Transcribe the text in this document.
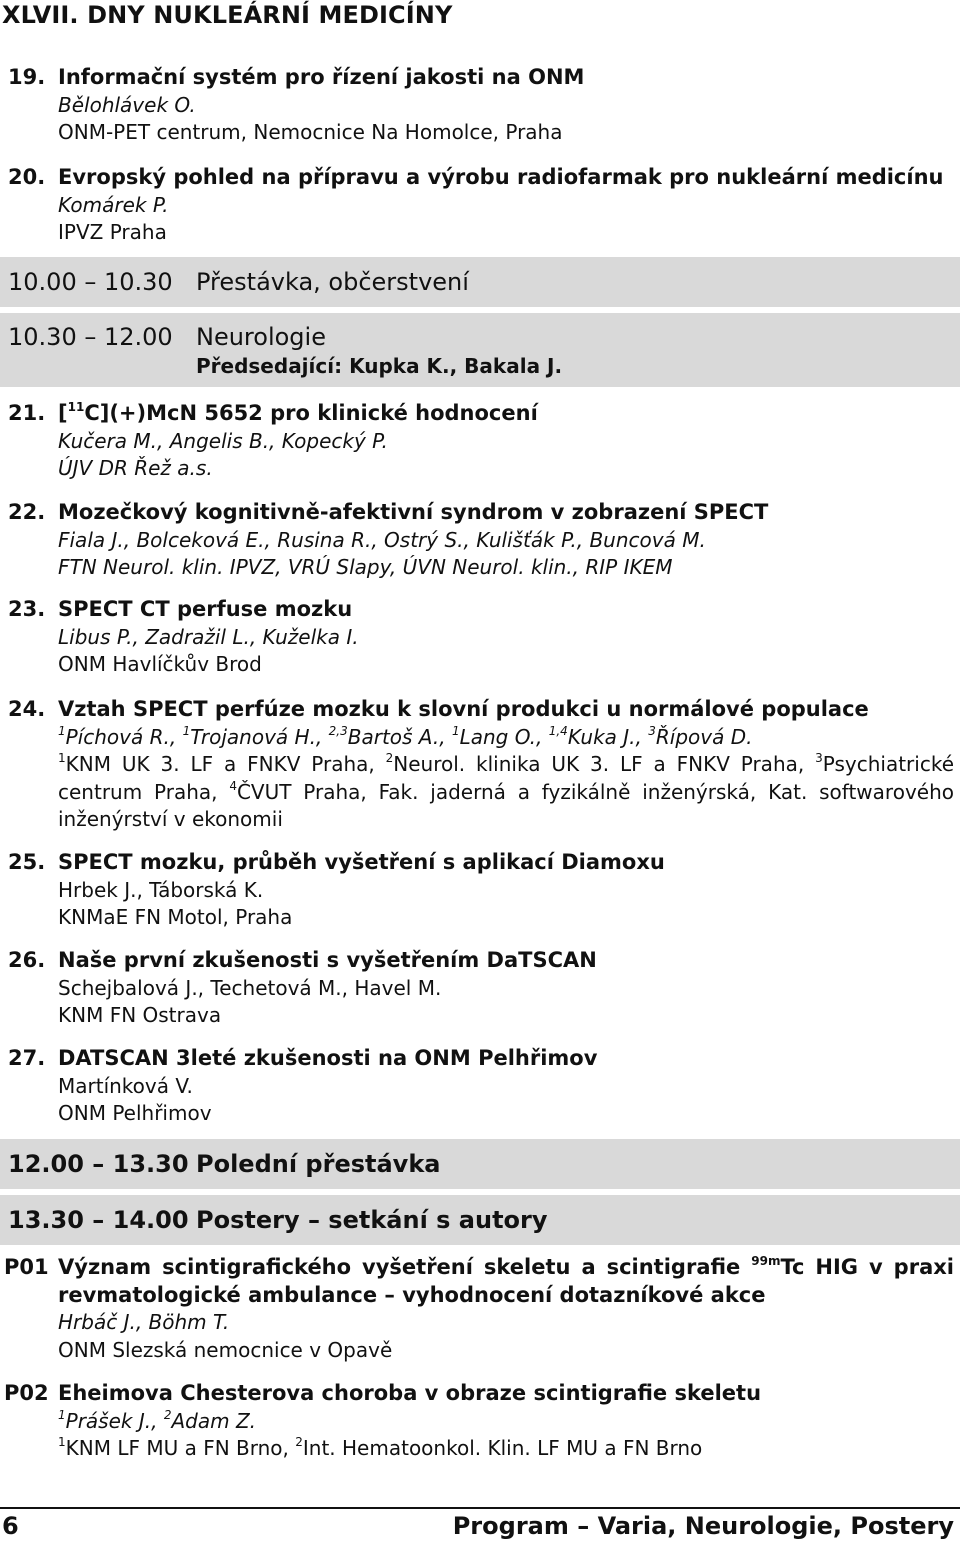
XLVII. DNY NUKLEÁRNÍ MEDICÍNY
19. Informační systém pro řízení jakosti na ONM
Bělohlávek O.
ONM-PET centrum, Nemocnice Na Homolce, Praha
20. Evropský pohled na přípravu a výrobu radiofarmak pro nukleární medicínu
Komárek P.
IPVZ Praha
10.00 – 10.30 Přestávka, občerstvení
10.30 – 12.00 Neurologie
Předsedající: Kupka K., Bakala J.
21. [$^{11}$C](+)McN 5652 pro klinické hodnocení
Kučera M., Angelis B., Kopecký P.
ÚJV DR Řež a.s.
22. Mozečkový kognitivně-afektivní syndrom v zobrazení SPECT
Fiala J., Bolceková E., Rusina R., Ostrý S., Kulišťák P., Buncová M.
FTN Neurol. klin. IPVZ, VRÚ Slapy, ÚVN Neurol. klin., RIP IKEM
23. SPECT CT perfuse mozku
Libus P., Zadražil L., Kuželka I.
ONM Havlíčkův Brod
24. Vztah SPECT perfúze mozku k slovní produkci u normálové populace
$^1$Píchová R., $^1$Trojanová H., $^{2,3}$Bartoš A., $^1$Lang O., $^{1,4}$Kuka J., $^3$Řípová D.
$^1$KNM UK 3. LF a FNKV Praha, $^2$Neurol. klinika UK 3. LF a FNKV Praha, $^3$Psychiatrické
centrum Praha, $^4$ČVUT Praha, Fak. jaderná a fyzikálně inženýrská, Kat. softwarového
inženýrství v ekonomii
25. SPECT mozku, průběh vyšetření s aplikací Diamoxu
Hrbek J., Táborská K.
KNMaE FN Motol, Praha
26. Naše první zkušenosti s vyšetřením DaTSCAN
Schejbalová J., Techetová M., Havel M.
KNM FN Ostrava
27. DATSCAN 3leté zkušenosti na ONM Pelhřimov
Martínková V.
ONM Pelhřimov
12.00 – 13.30 Polední přestávka
13.30 – 14.00 Postery – setkání s autory
P01 Význam scintigrafického vyšetření skeletu a scintigrafie $^{99m}$Tc HIG v praxi
revmatologické ambulance – vyhodnocení dotazníkové akce
Hrbáč J., Böhm T.
ONM Slezská nemocnice v Opavě
P02 Eheimova Chesterova choroba v obraze scintigrafie skeletu
$^1$Prášek J., $^2$Adam Z.
$^1$KNM LF MU a FN Brno, $^2$Int. Hematoonkol. Klin. LF MU a FN Brno
6	Program – Varia, Neurologie, Postery
